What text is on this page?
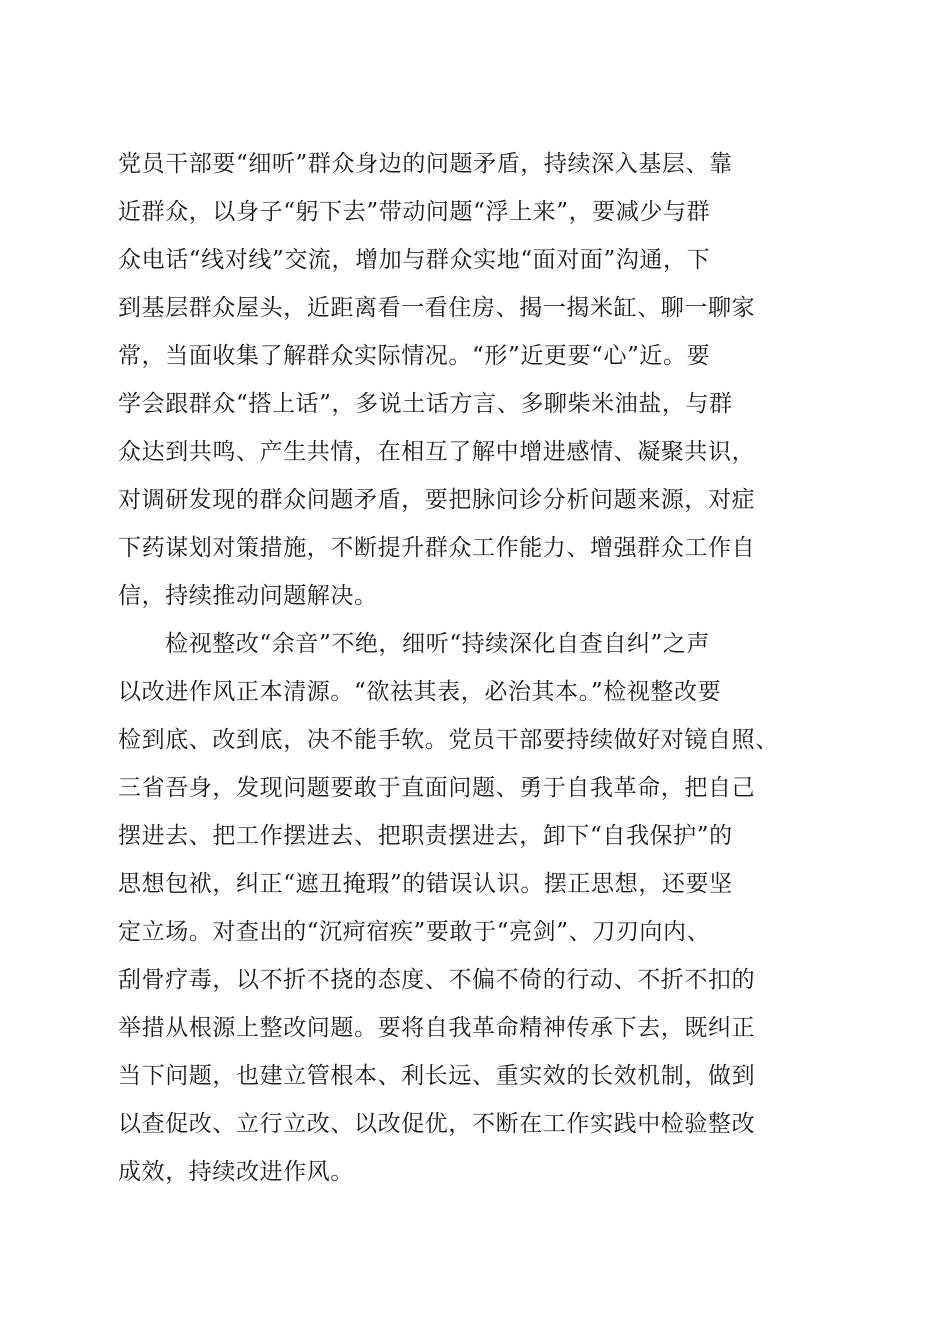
党员干部要“细听”群众身边的问题矛盾，持续深入基层、靠
近群众，以身子“躬下去”带动问题“浮上来”，要减少与群
众电话“线对线”交流，增加与群众实地“面对面”沟通，下
到基层群众屋头，近距离看一看住房、揭一揭米缸、聊一聊家
常，当面收集了解群众实际情况。“形”近更要“心”近。要
学会跟群众“搭上话”，多说土话方言、多聊柴米油盐，与群
众达到共鸣、产生共情，在相互了解中增进感情、凝聚共识，
对调研发现的群众问题矛盾，要把脉问诊分析问题来源，对症
下药谋划对策措施，不断提升群众工作能力、增强群众工作自
信，持续推动问题解决。
检视整改“余音”不绝，细听“持续深化自查自纠”之声
以改进作风正本清源。“欲祛其表，必治其本。”检视整改要
检到底、改到底，决不能手软。党员干部要持续做好对镜自照、
三省吾身，发现问题要敢于直面问题、勇于自我革命，把自己
摆进去、把工作摆进去、把职责摆进去，卸下“自我保护”的
思想包袱，纠正“遮丑掩瑕”的错误认识。摆正思想，还要坚
定立场。对查出的“沉疴宿疾”要敢于“亮剑”、刀刃向内、
刮骨疗毒，以不折不挠的态度、不偏不倚的行动、不折不扣的
举措从根源上整改问题。要将自我革命精神传承下去，既纠正
当下问题，也建立管根本、利长远、重实效的长效机制，做到
以查促改、立行立改、以改促优，不断在工作实践中检验整改
成效，持续改进作风。
